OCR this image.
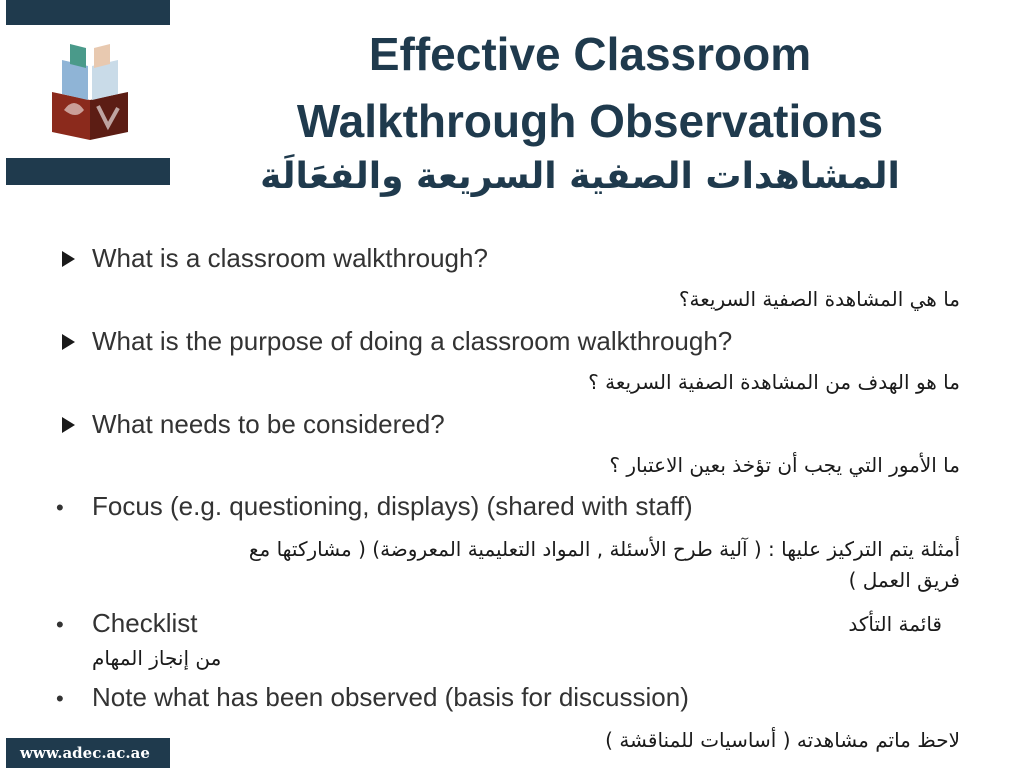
Effective Classroom
Walkthrough Observations
المشاهدات الصفية السريعة والفعَالَة
What is a classroom walkthrough?
ما هي المشاهدة الصفية السريعة؟
What is the purpose of doing a classroom walkthrough?
ما هو الهدف من المشاهدة الصفية السريعة ؟
What needs to be considered?
ما الأمور التي يجب أن تؤخذ بعين الاعتبار ؟
• Focus (e.g. questioning, displays) (shared with staff)
أمثلة يتم التركيز عليها : ( آلية طرح الأسئلة , المواد التعليمية المعروضة) ( مشاركتها مع
فريق العمل )
• Checklist	قائمة التأكد
من إنجاز المهام
• Note what has been observed (basis for discussion)
لاحظ ماتم مشاهدته ( أساسيات للمناقشة )
www.adec.ac.ae
